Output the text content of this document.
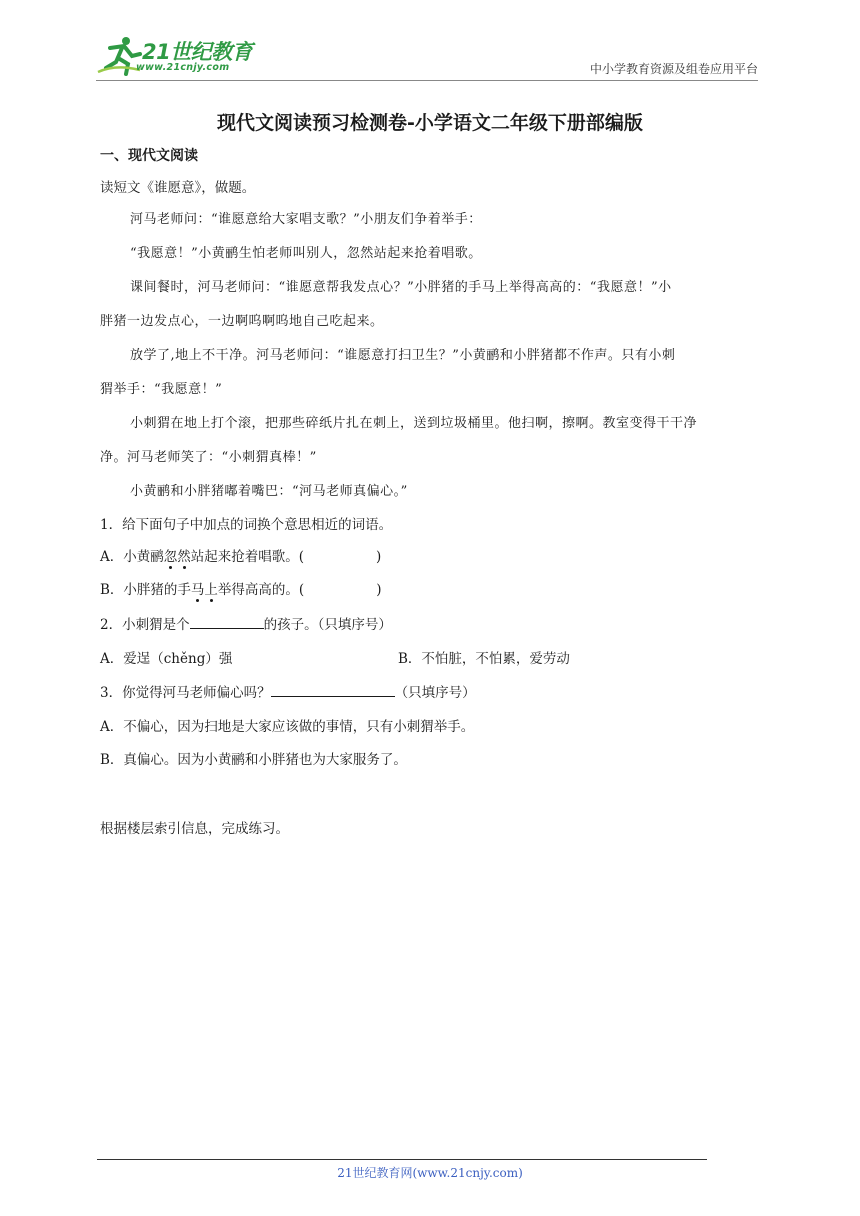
21世纪教育
www.21cnjy.com	中小学教育资源及组卷应用平台
现代文阅读预习检测卷-小学语文二年级下册部编版
一、现代文阅读
读短文《谁愿意》，做题。
河马老师问：“谁愿意给大家唱支歌？”小朋友们争着举手：
“我愿意！”小黄鹂生怕老师叫别人，忽然站起来抢着唱歌。
课间餐时，河马老师问：“谁愿意帮我发点心？”小胖猪的手马上举得高高的：“我愿意！”小
胖猪一边发点心，一边啊呜啊呜地自己吃起来。
放学了,地上不干净。河马老师问：“谁愿意打扫卫生？”小黄鹂和小胖猪都不作声。只有小刺
猬举手：“我愿意！”
小刺猬在地上打个滚，把那些碎纸片扎在刺上，送到垃圾桶里。他扫啊，擦啊。教室变得干干净
净。河马老师笑了：“小刺猬真棒！”
小黄鹂和小胖猪嘟着嘴巴：“河马老师真偏心。”
1．给下面句子中加点的词换个意思相近的词语。
A．小黄鹂忽然站起来抢着唱歌。(	)
B．小胖猪的手马上举得高高的。(	)
2．小刺猬是个	的孩子。（只填序号）
A．爱逞（chěng）强	B．不怕脏，不怕累，爱劳动
3．你觉得河马老师偏心吗？	（只填序号）
A．不偏心，因为扫地是大家应该做的事情，只有小刺猬举手。
B．真偏心。因为小黄鹂和小胖猪也为大家服务了。
根据楼层索引信息，完成练习。
21世纪教育网(www.21cnjy.com)
